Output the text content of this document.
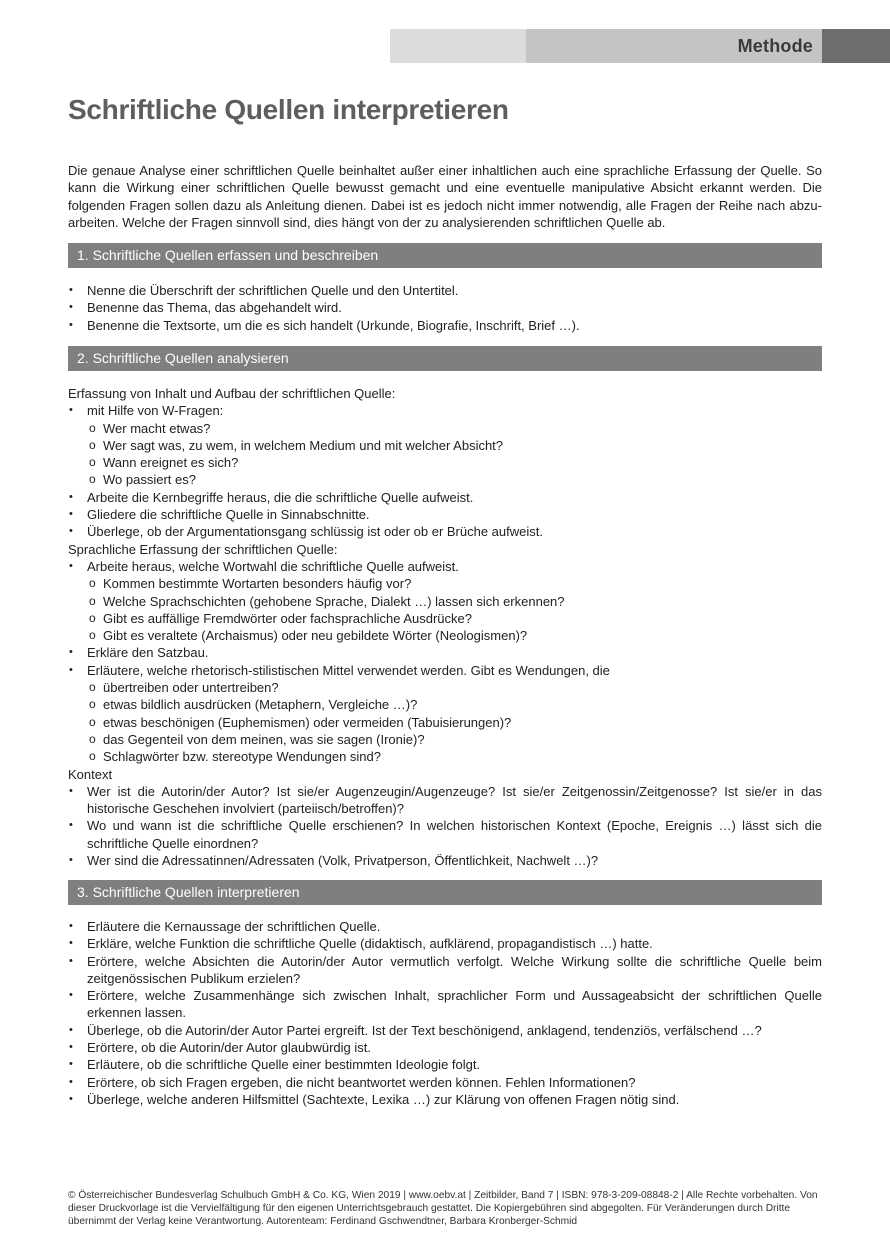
Methode
Schriftliche Quellen interpretieren

Die genaue Analyse einer schriftlichen Quelle beinhaltet außer einer inhaltlichen auch eine sprachliche Erfassung der Quelle. So kann die Wirkung einer schriftlichen Quelle bewusst gemacht und eine eventuelle manipulative Absicht erkannt werden. Die folgenden Fragen sollen dazu als Anleitung dienen. Dabei ist es jedoch nicht immer notwendig, alle Fragen der Reihe nach abzu-arbeiten. Welche der Fragen sinnvoll sind, dies hängt von der zu analysierenden schriftlichen Quelle ab.

1. Schriftliche Quellen erfassen und beschreiben

• Nenne die Überschrift der schriftlichen Quelle und den Untertitel.

• Benenne das Thema, das abgehandelt wird.

• Benenne die Textsorte, um die es sich handelt (Urkunde, Biografie, Inschrift, Brief …).

2. Schriftliche Quellen analysieren

Erfassung von Inhalt und Aufbau der schriftlichen Quelle:

• mit Hilfe von W-Fragen:

o Wer macht etwas?

o Wer sagt was, zu wem, in welchem Medium und mit welcher Absicht?

o Wann ereignet es sich?

o Wo passiert es?

• Arbeite die Kernbegriffe heraus, die die schriftliche Quelle aufweist.

• Gliedere die schriftliche Quelle in Sinnabschnitte.

• Überlege, ob der Argumentationsgang schlüssig ist oder ob er Brüche aufweist.

Sprachliche Erfassung der schriftlichen Quelle:

• Arbeite heraus, welche Wortwahl die schriftliche Quelle aufweist.

o Kommen bestimmte Wortarten besonders häufig vor?

o Welche Sprachschichten (gehobene Sprache, Dialekt …) lassen sich erkennen?

o Gibt es auffällige Fremdwörter oder fachsprachliche Ausdrücke?

o Gibt es veraltete (Archaismus) oder neu gebildete Wörter (Neologismen)?

• Erkläre den Satzbau.

• Erläutere, welche rhetorisch-stilistischen Mittel verwendet werden. Gibt es Wendungen, die

o übertreiben oder untertreiben?

o etwas bildlich ausdrücken (Metaphern, Vergleiche …)?

o etwas beschönigen (Euphemismen) oder vermeiden (Tabuisierungen)?

o das Gegenteil von dem meinen, was sie sagen (Ironie)?

o Schlagwörter bzw. stereotype Wendungen sind?

Kontext

• Wer ist die Autorin/der Autor? Ist sie/er Augenzeugin/Augenzeuge? Ist sie/er Zeitgenossin/Zeitgenosse? Ist sie/er in das historische Geschehen involviert (parteiisch/betroffen)?

• Wo und wann ist die schriftliche Quelle erschienen? In welchen historischen Kontext (Epoche, Ereignis …) lässt sich die schriftliche Quelle einordnen?

• Wer sind die Adressatinnen/Adressaten (Volk, Privatperson, Öffentlichkeit, Nachwelt …)?

3. Schriftliche Quellen interpretieren

• Erläutere die Kernaussage der schriftlichen Quelle.

• Erkläre, welche Funktion die schriftliche Quelle (didaktisch, aufklärend, propagandistisch …) hatte.

• Erörtere, welche Absichten die Autorin/der Autor vermutlich verfolgt. Welche Wirkung sollte die schriftliche Quelle beim zeitgenössischen Publikum erzielen?

• Erörtere, welche Zusammenhänge sich zwischen Inhalt, sprachlicher Form und Aussageabsicht der schriftlichen Quelle erkennen lassen.

• Überlege, ob die Autorin/der Autor Partei ergreift. Ist der Text beschönigend, anklagend, tendenziös, verfälschend …?

• Erörtere, ob die Autorin/der Autor glaubwürdig ist.

• Erläutere, ob die schriftliche Quelle einer bestimmten Ideologie folgt.

• Erörtere, ob sich Fragen ergeben, die nicht beantwortet werden können. Fehlen Informationen?

• Überlege, welche anderen Hilfsmittel (Sachtexte, Lexika …) zur Klärung von offenen Fragen nötig sind.

© Österreichischer Bundesverlag Schulbuch GmbH & Co. KG, Wien 2019 | www.oebv.at | Zeitbilder, Band 7 | ISBN: 978-3-209-08848-2 | Alle Rechte vorbehalten. Von dieser Druckvorlage ist die Vervielfältigung für den eigenen Unterrichtsgebrauch gestattet. Die Kopiergebühren sind abgegolten. Für Veränderungen durch Dritte übernimmt der Verlag keine Verantwortung. Autorenteam: Ferdinand Gschwendtner, Barbara Kronberger-Schmid
